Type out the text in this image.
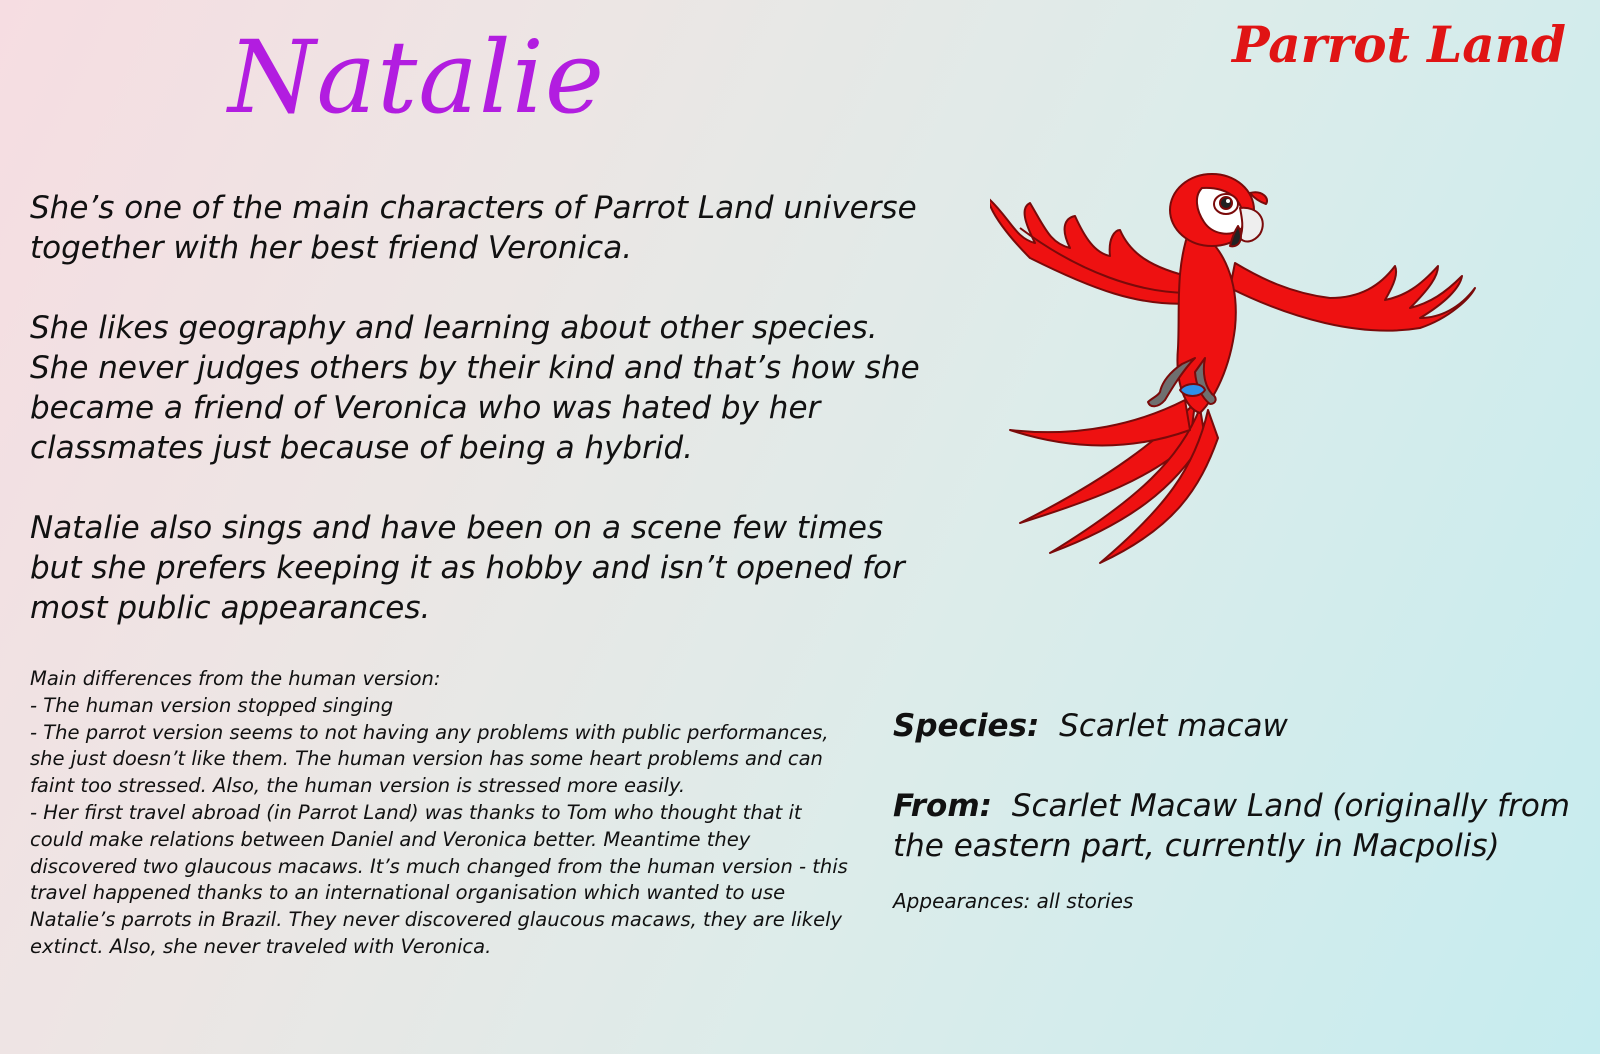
Natalie	Parrot Land

She’s one of the main characters of Parrot Land universe together with her best friend Veronica.

She likes geography and learning about other species. She never judges others by their kind and that’s how she became a friend of Veronica who was hated by her classmates just because of being a hybrid.

Natalie also sings and have been on a scene few times but she prefers keeping it as hobby and isn’t opened for most public appearances.

Main differences from the human version:
- The human version stopped singing
- The parrot version seems to not having any problems with public performances, she just doesn’t like them. The human version has some heart problems and can faint too stressed. Also, the human version is stressed more easily.
- Her first travel abroad (in Parrot Land) was thanks to Tom who thought that it could make relations between Daniel and Veronica better. Meantime they discovered two glaucous macaws. It’s much changed from the human version - this travel happened thanks to an international organisation which wanted to use Natalie’s parrots in Brazil. They never discovered glaucous macaws, they are likely extinct. Also, she never traveled with Veronica.
Species: Scarlet macaw
From: Scarlet Macaw Land (originally from the eastern part, currently in Macpolis)
Appearances: all stories
